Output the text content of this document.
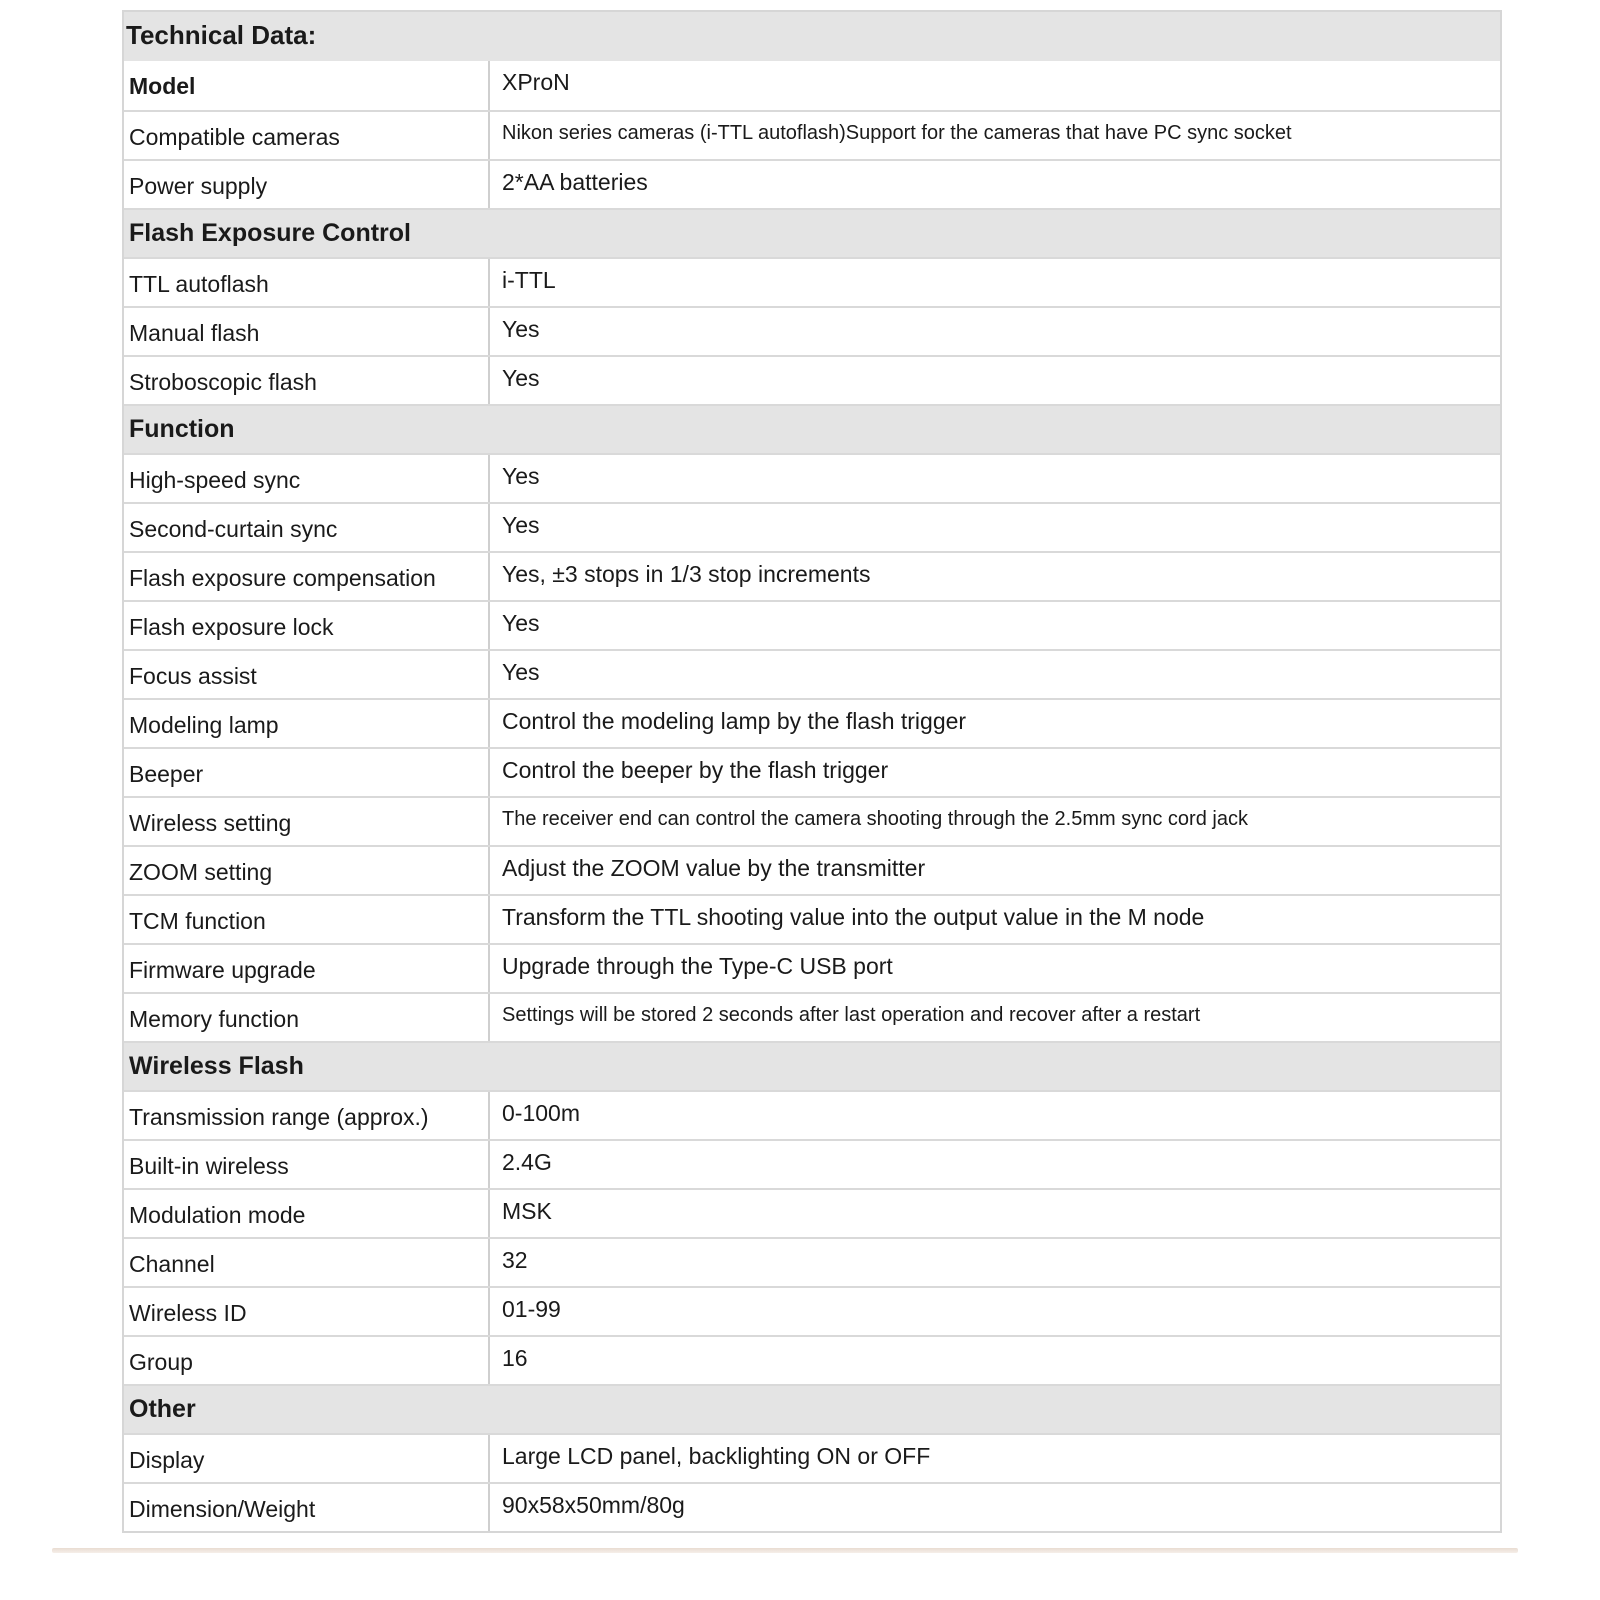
Technical Data:
Model	XProN
Compatible cameras	Nikon series cameras (i-TTL autoflash)Support for the cameras that have PC sync socket
Power supply	2*AA batteries
Flash Exposure Control
TTL autoflash	i-TTL
Manual flash	Yes
Stroboscopic flash	Yes
Function
High-speed sync	Yes
Second-curtain sync	Yes
Flash exposure compensation	Yes, ±3 stops in 1/3 stop increments
Flash exposure lock	Yes
Focus assist	Yes
Modeling lamp	Control the modeling lamp by the flash trigger
Beeper	Control the beeper by the flash trigger
Wireless setting	The receiver end can control the camera shooting through the 2.5mm sync cord jack
ZOOM setting	Adjust the ZOOM value by the transmitter
TCM function	Transform the TTL shooting value into the output value in the M node
Firmware upgrade	Upgrade through the Type-C USB port
Memory function	Settings will be stored 2 seconds after last operation and recover after a restart
Wireless Flash
Transmission range (approx.)	0-100m
Built-in wireless	2.4G
Modulation mode	MSK
Channel	32
Wireless ID	01-99
Group	16
Other
Display	Large LCD panel, backlighting ON or OFF
Dimension/Weight	90x58x50mm/80g
